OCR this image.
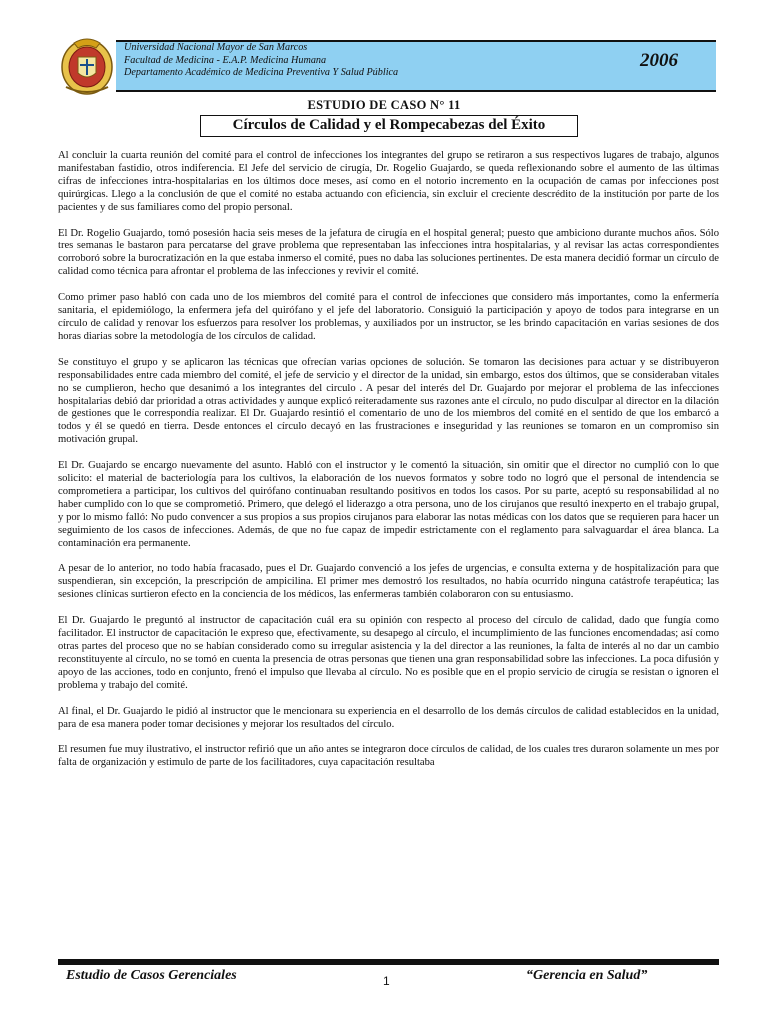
Universidad Nacional Mayor de San Marcos
Facultad de Medicina - E.A.P. Medicina Humana
Departamento Académico de Medicina Preventiva Y Salud Pública
2006
ESTUDIO DE CASO N° 11
Círculos de Calidad y el Rompecabezas del Éxito

Al concluir la cuarta reunión del comité para el control de infecciones los integrantes del grupo se retiraron a sus respectivos lugares de trabajo, algunos manifestaban fastidio, otros indiferencia. El Jefe del servicio de cirugía, Dr. Rogelio Guajardo, se queda reflexionando sobre el aumento de las últimas cifras de infecciones intra-hospitalarias en los últimos doce meses, así como en el notorio incremento en la ocupación de camas por infecciones post quirúrgicas. Llego a la conclusión de que el comité no estaba actuando con eficiencia, sin excluir el creciente descrédito de la institución por parte de los pacientes y de sus familiares como del propio personal.

El Dr. Rogelio Guajardo, tomó posesión hacia seis meses de la jefatura de cirugía en el hospital general; puesto que ambiciono durante muchos años. Sólo tres semanas le bastaron para percatarse del grave problema que representaban las infecciones intra hospitalarias, y al revisar las actas correspondientes corroboró sobre la burocratización en la que estaba inmerso el comité, pues no daba las soluciones pertinentes. De esta manera decidió formar un círculo de calidad como técnica para afrontar el problema de las infecciones y revivir el comité.

Como primer paso habló con cada uno de los miembros del comité para el control de infecciones que considero más importantes, como la enfermería sanitaria, el epidemiólogo, la enfermera jefa del quirófano y el jefe del laboratorio. Consiguió la participación y apoyo de todos para integrarse en un círculo de calidad y renovar los esfuerzos para resolver los problemas, y auxiliados por un instructor, se les brindo capacitación en varias sesiones de dos horas diarias sobre la metodología de los círculos de calidad.

Se constituyo el grupo y se aplicaron las técnicas que ofrecían varias opciones de solución. Se tomaron las decisiones para actuar y se distribuyeron responsabilidades entre cada miembro del comité, el jefe de servicio y el director de la unidad, sin embargo, estos dos últimos, que se consideraban vitales no se cumplieron, hecho que desanimó a los integrantes del circulo . A pesar del interés del Dr. Guajardo por mejorar el problema de las infecciones hospitalarias debió dar prioridad a otras actividades y aunque explicó reiteradamente sus razones ante el círculo, no pudo disculpar al director en la dilación de gestiones que le correspondía realizar. El Dr. Guajardo resintió el comentario de uno de los miembros del comité en el sentido de que los embarcó a todos y él se quedó en tierra. Desde entonces el círculo decayó en las frustraciones e inseguridad y las reuniones se tomaron en un compromiso sin motivación grupal.

El Dr. Guajardo se encargo nuevamente del asunto. Habló con el instructor y le comentó la situación, sin omitir que el director no cumplió con lo que solicito: el material de bacteriología para los cultivos, la elaboración de los nuevos formatos y sobre todo no logró que el personal de intendencia se comprometiera a participar, los cultivos del quirófano continuaban resultando positivos en todos los casos. Por su parte, aceptó su responsabilidad al no haber cumplido con lo que se comprometió. Primero, que delegó el liderazgo a otra persona, uno de los cirujanos que resultó inexperto en el trabajo grupal, y por lo mismo falló: No pudo convencer a sus propios a sus propios cirujanos para elaborar las notas médicas con los datos que se requieren para hacer un seguimiento de los casos de infecciones. Además, de que no fue capaz de impedir estrictamente con el reglamento para salvaguardar el área blanca. La contaminación era permanente.

A pesar de lo anterior, no todo había fracasado, pues el Dr. Guajardo convenció a los jefes de urgencias, e consulta externa y de hospitalización para que suspendieran, sin excepción, la prescripción de ampicilina. El primer mes demostró los resultados, no había ocurrido ninguna catástrofe terapéutica; las sesiones clínicas surtieron efecto en la conciencia de los médicos, las enfermeras también colaboraron con su entusiasmo.

El Dr. Guajardo le preguntó al instructor de capacitación cuál era su opinión con respecto al proceso del círculo de calidad, dado que fungía como facilitador. El instructor de capacitación le expreso que, efectivamente, su desapego al círculo, el incumplimiento de las funciones encomendadas; así como otras partes del proceso que no se habían considerado como su irregular asistencia y la del director a las reuniones, la falta de interés al no dar un cambio reconstituyente al círculo, no se tomó en cuenta la presencia de otras personas que tienen una gran responsabilidad sobre las infecciones. La poca difusión y apoyo de las acciones, todo en conjunto, frenó el impulso que llevaba al círculo. No es posible que en el propio servicio de cirugía se resistan o ignoren el problema y trabajo del comité.

Al final, el Dr. Guajardo le pidió al instructor que le mencionara su experiencia en el desarrollo de los demás círculos de calidad establecidos en la unidad, para de esa manera poder tomar decisiones y mejorar los resultados del círculo.

El resumen fue muy ilustrativo, el instructor refirió que un año antes se integraron doce círculos de calidad, de los cuales tres duraron solamente un mes por falta de organización y estimulo de parte de los facilitadores, cuya capacitación resultaba

Estudio de Casos Gerenciales	1	“Gerencia en Salud”
